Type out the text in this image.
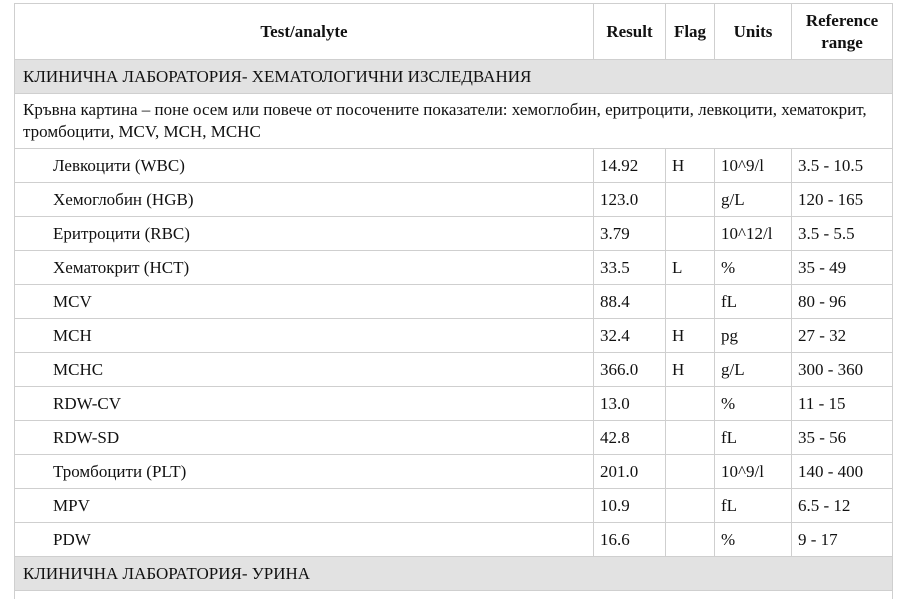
Test/analyte	Result	Flag	Units	Reference range
КЛИНИЧНА ЛАБОРАТОРИЯ- ХЕМАТОЛОГИЧНИ ИЗСЛЕДВАНИЯ				
Кръвна картина – поне осем или повече от посочените показатели: хемоглобин, еритроцити, левкоцити, хематокрит, тромбоцити, MCV, MCH, MCHC				
Левкоцити (WBC)	14.92	H	10^9/l	3.5 - 10.5
Хемоглобин (HGB)	123.0		g/L	120 - 165
Еритроцити (RBC)	3.79		10^12/l	3.5 - 5.5
Хематокрит (HCT)	33.5	L	%	35 - 49
MCV	88.4		fL	80 - 96
MCH	32.4	H	pg	27 - 32
MCHC	366.0	H	g/L	300 - 360
RDW-CV	13.0		%	11 - 15
RDW-SD	42.8		fL	35 - 56
Тромбоцити (PLT)	201.0		10^9/l	140 - 400
MPV	10.9		fL	6.5 - 12
PDW	16.6		%	9 - 17
КЛИНИЧНА ЛАБОРАТОРИЯ- УРИНА				
